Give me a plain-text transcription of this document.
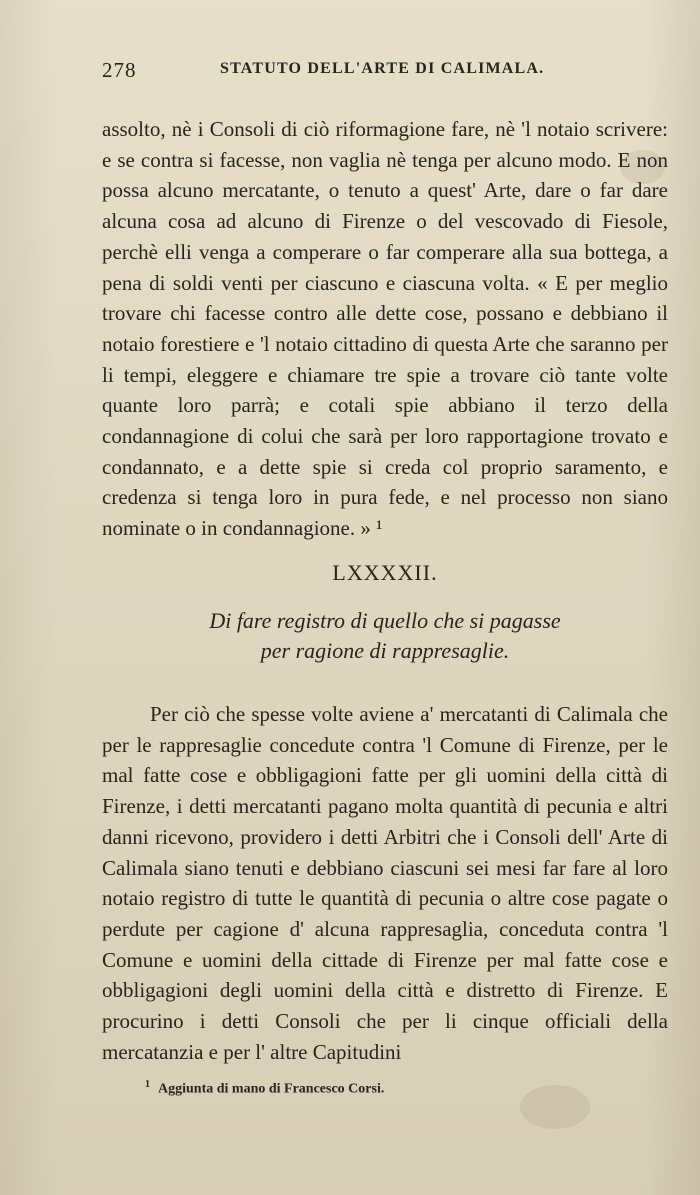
278	STATUTO DELL'ARTE DI CALIMALA.

assolto, nè i Consoli di ciò riformagione fare, nè 'l notaio scrivere: e se contra si facesse, non vaglia nè tenga per alcuno modo. E non possa alcuno mercatante, o tenuto a quest' Arte, dare o far dare alcuna cosa ad alcuno di Firenze o del vescovado di Fiesole, perchè elli venga a comperare o far comperare alla sua bottega, a pena di soldi venti per ciascuno e ciascuna volta. « E per meglio trovare chi facesse contro alle dette cose, possano e debbiano il notaio forestiere e 'l notaio cittadino di questa Arte che saranno per li tempi, eleggere e chiamare tre spie a trovare ciò tante volte quante loro parrà; e cotali spie abbiano il terzo della condannagione di colui che sarà per loro rapportagione trovato e condannato, e a dette spie si creda col proprio saramento, e credenza si tenga loro in pura fede, e nel processo non siano nominate o in condannagione. » ¹

LXXXXII.
Di fare registro di quello che si pagasse
per ragione di rappresaglie.

Per ciò che spesse volte aviene a' mercatanti di Calimala che per le rappresaglie concedute contra 'l Comune di Firenze, per le mal fatte cose e obbligagioni fatte per gli uomini della città di Firenze, i detti mercatanti pagano molta quantità di pecunia e altri danni ricevono, providero i detti Arbitri che i Consoli dell' Arte di Calimala siano tenuti e debbiano ciascuni sei mesi far fare al loro notaio registro di tutte le quantità di pecunia o altre cose pagate o perdute per cagione d' alcuna rappresaglia, conceduta contra 'l Comune e uomini della cittade di Firenze per mal fatte cose e obbligagioni degli uomini della città e distretto di Firenze. E procurino i detti Consoli che per li cinque officiali della mercatanzia e per l' altre Capitudini

$^1$ Aggiunta di mano di Francesco Corsi.
